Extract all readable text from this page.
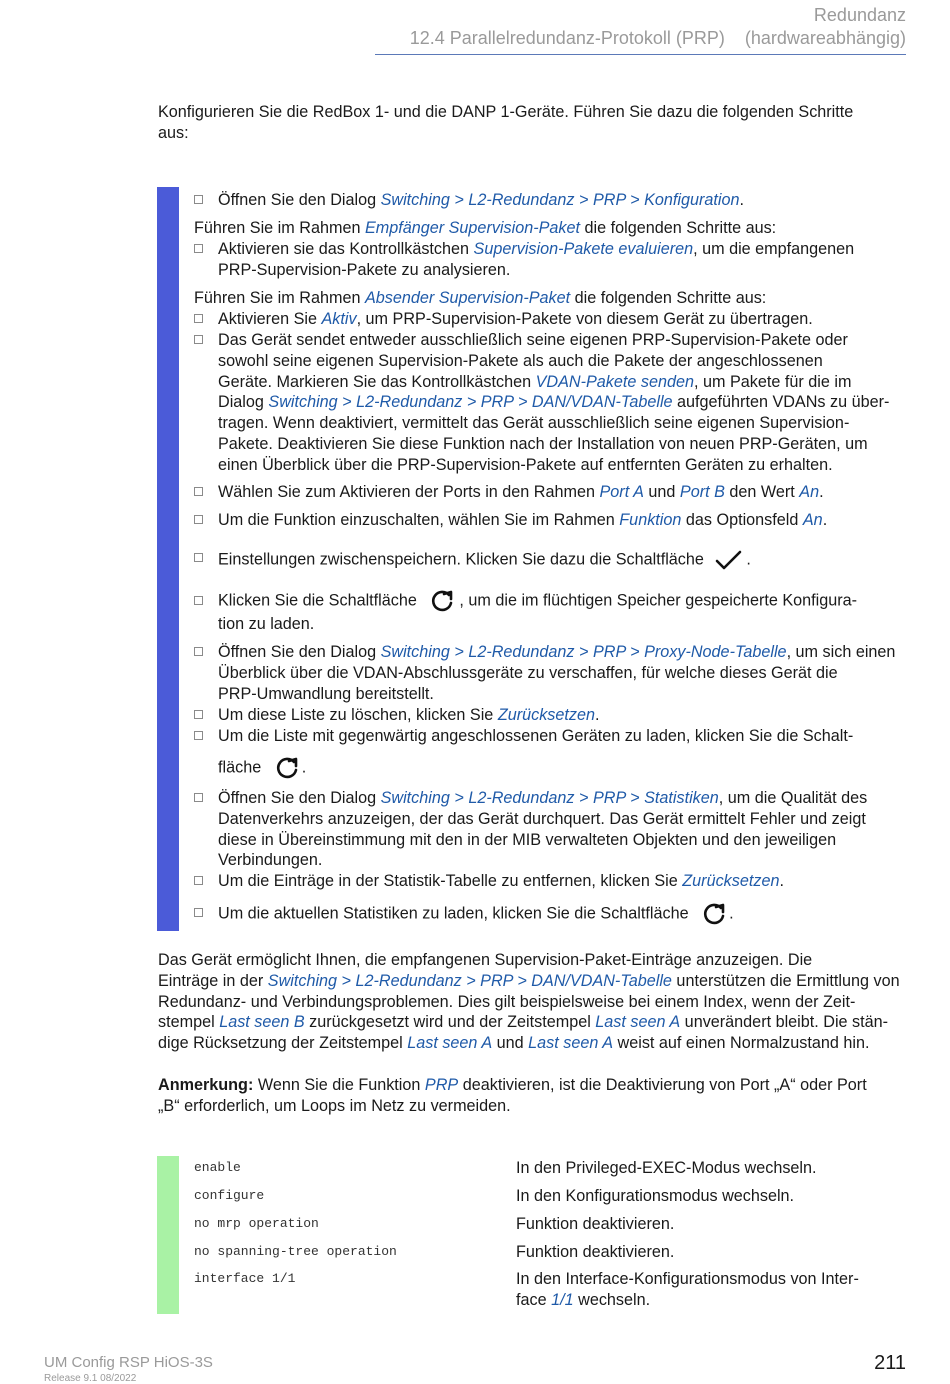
Redundanz
12.4 Parallelredundanz-Protokoll (PRP) (hardwareabhängig)
Konfigurieren Sie die RedBox 1- und die DANP 1-Geräte. Führen Sie dazu die folgenden Schritte
aus:
Öffnen Sie den Dialog Switching > L2-Redundanz > PRP > Konfiguration.
Führen Sie im Rahmen Empfänger Supervision-Paket die folgenden Schritte aus:
Aktivieren sie das Kontrollkästchen Supervision-Pakete evaluieren, um die empfangenen
PRP-Supervision-Pakete zu analysieren.
Führen Sie im Rahmen Absender Supervision-Paket die folgenden Schritte aus:
Aktivieren Sie Aktiv, um PRP-Supervision-Pakete von diesem Gerät zu übertragen.
Das Gerät sendet entweder ausschließlich seine eigenen PRP-Supervision-Pakete oder
sowohl seine eigenen Supervision-Pakete als auch die Pakete der angeschlossenen
Geräte. Markieren Sie das Kontrollkästchen VDAN-Pakete senden, um Pakete für die im
Dialog Switching > L2-Redundanz > PRP > DAN/VDAN-Tabelle aufgeführten VDANs zu über-
tragen. Wenn deaktiviert, vermittelt das Gerät ausschließlich seine eigenen Supervision-
Pakete. Deaktivieren Sie diese Funktion nach der Installation von neuen PRP-Geräten, um
einen Überblick über die PRP-Supervision-Pakete auf entfernten Geräten zu erhalten.
Wählen Sie zum Aktivieren der Ports in den Rahmen Port A und Port B den Wert An.
Um die Funktion einzuschalten, wählen Sie im Rahmen Funktion das Optionsfeld An.
Einstellungen zwischenspeichern. Klicken Sie dazu die Schaltfläche	.
Klicken Sie die Schaltfläche	, um die im flüchtigen Speicher gespeicherte Konfigura-
tion zu laden.
Öffnen Sie den Dialog Switching > L2-Redundanz > PRP > Proxy-Node-Tabelle, um sich einen
Überblick über die VDAN-Abschlussgeräte zu verschaffen, für welche dieses Gerät die
PRP-Umwandlung bereitstellt.
Um diese Liste zu löschen, klicken Sie Zurücksetzen.
Um die Liste mit gegenwärtig angeschlossenen Geräten zu laden, klicken Sie die Schalt-
fläche	.
Öffnen Sie den Dialog Switching > L2-Redundanz > PRP > Statistiken, um die Qualität des
Datenverkehrs anzuzeigen, der das Gerät durchquert. Das Gerät ermittelt Fehler und zeigt
diese in Übereinstimmung mit den in der MIB verwalteten Objekten und den jeweiligen
Verbindungen.
Um die Einträge in der Statistik-Tabelle zu entfernen, klicken Sie Zurücksetzen.
Um die aktuellen Statistiken zu laden, klicken Sie die Schaltfläche	.
Das Gerät ermöglicht Ihnen, die empfangenen Supervision-Paket-Einträge anzuzeigen. Die
Einträge in der Switching > L2-Redundanz > PRP > DAN/VDAN-Tabelle unterstützen die Ermittlung von
Redundanz- und Verbindungsproblemen. Dies gilt beispielsweise bei einem Index, wenn der Zeit-
stempel Last seen B zurückgesetzt wird und der Zeitstempel Last seen A unverändert bleibt. Die stän-
dige Rücksetzung der Zeitstempel Last seen A und Last seen A weist auf einen Normalzustand hin.
Anmerkung: Wenn Sie die Funktion PRP deaktivieren, ist die Deaktivierung von Port „A“ oder Port
„B“ erforderlich, um Loops im Netz zu vermeiden.
enable	In den Privileged-EXEC-Modus wechseln.
configure	In den Konfigurationsmodus wechseln.
no mrp operation	Funktion deaktivieren.
no spanning-tree operation	Funktion deaktivieren.
interface 1/1	In den Interface-Konfigurationsmodus von Inter-
face 1/1 wechseln.
UM Config RSP HiOS-3S
Release 9.1 08/2022
211
